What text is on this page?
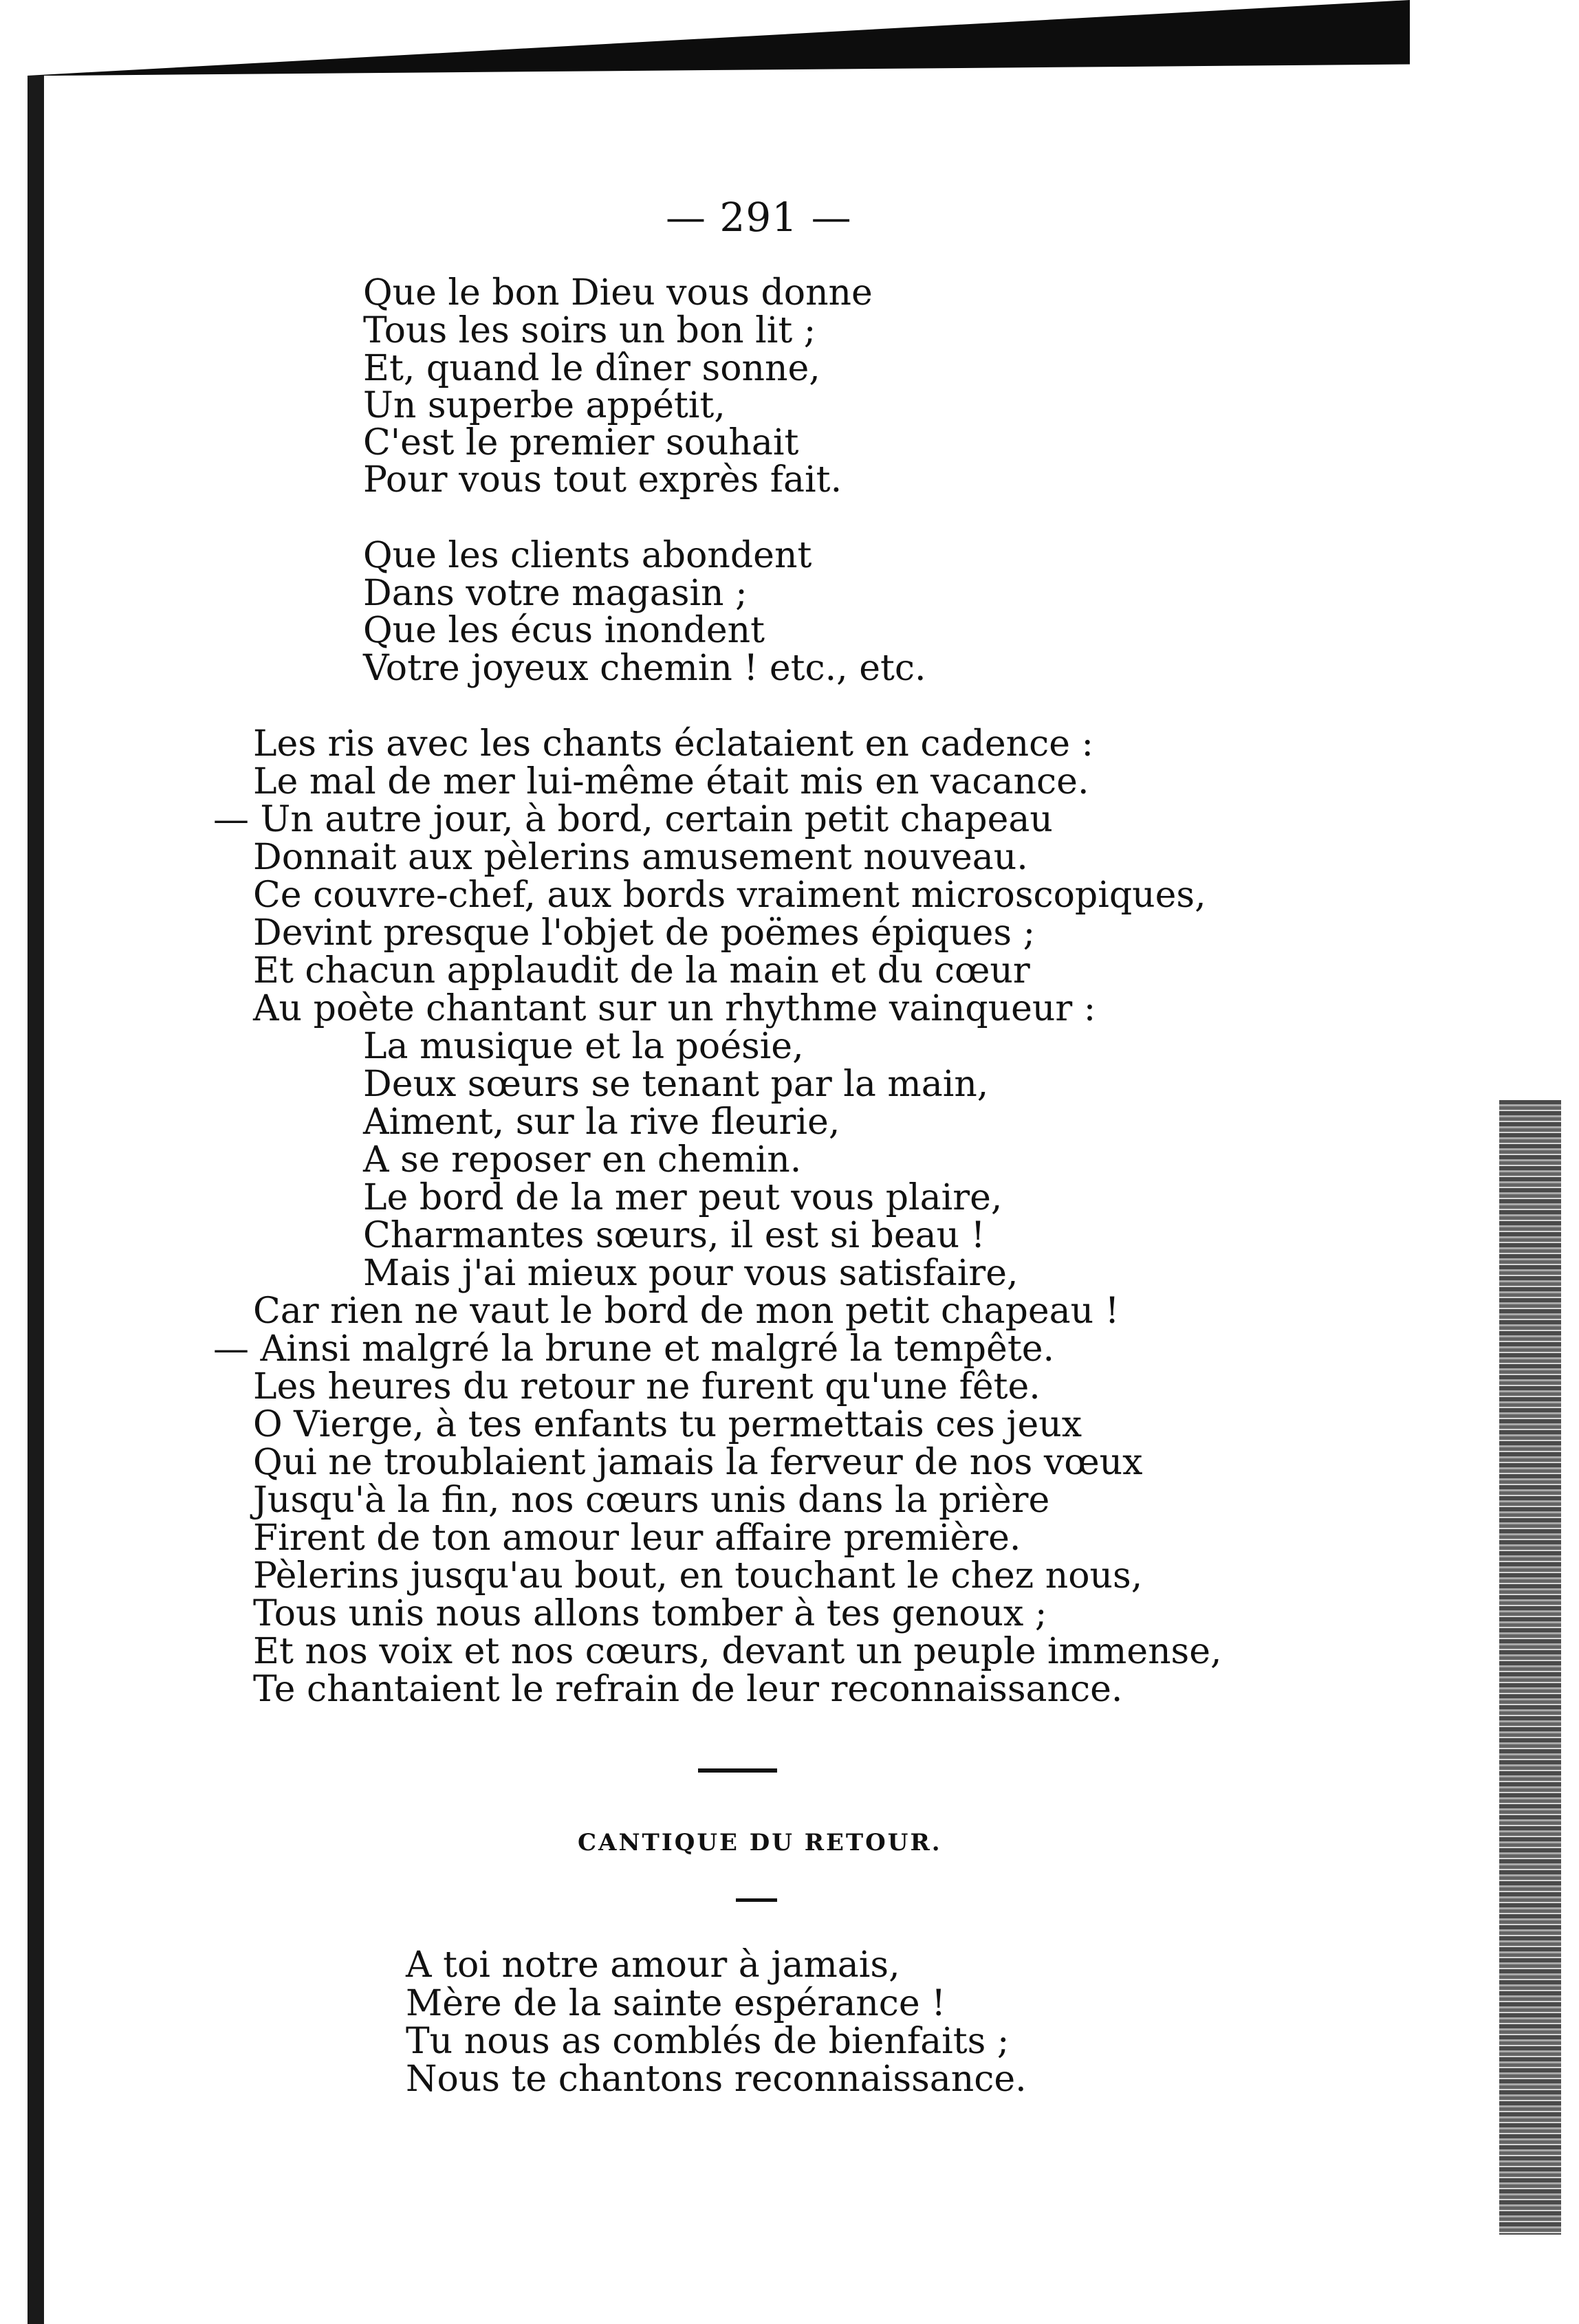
— 291 —
Que le bon Dieu vous donne
Tous les soirs un bon lit ;
Et, quand le dîner sonne,
Un superbe appétit,
C'est le premier souhait
Pour vous tout exprès fait.
Que les clients abondent
Dans votre magasin ;
Que les écus inondent
Votre joyeux chemin ! etc., etc.
Les ris avec les chants éclataient en cadence :
Le mal de mer lui-même était mis en vacance.
— Un autre jour, à bord, certain petit chapeau
Donnait aux pèlerins amusement nouveau.
Ce couvre-chef, aux bords vraiment microscopiques,
Devint presque l'objet de poëmes épiques ;
Et chacun applaudit de la main et du cœur
Au poète chantant sur un rhythme vainqueur :
La musique et la poésie,
Deux sœurs se tenant par la main,
Aiment, sur la rive fleurie,
A se reposer en chemin.
Le bord de la mer peut vous plaire,
Charmantes sœurs, il est si beau !
Mais j'ai mieux pour vous satisfaire,
Car rien ne vaut le bord de mon petit chapeau !
— Ainsi malgré la brune et malgré la tempête.
Les heures du retour ne furent qu'une fête.
O Vierge, à tes enfants tu permettais ces jeux
Qui ne troublaient jamais la ferveur de nos vœux
Jusqu'à la fin, nos cœurs unis dans la prière
Firent de ton amour leur affaire première.
Pèlerins jusqu'au bout, en touchant le chez nous,
Tous unis nous allons tomber à tes genoux ;
Et nos voix et nos cœurs, devant un peuple immense,
Te chantaient le refrain de leur reconnaissance.
CANTIQUE DU RETOUR.
A toi notre amour à jamais,
Mère de la sainte espérance !
Tu nous as comblés de bienfaits ;
Nous te chantons reconnaissance.
